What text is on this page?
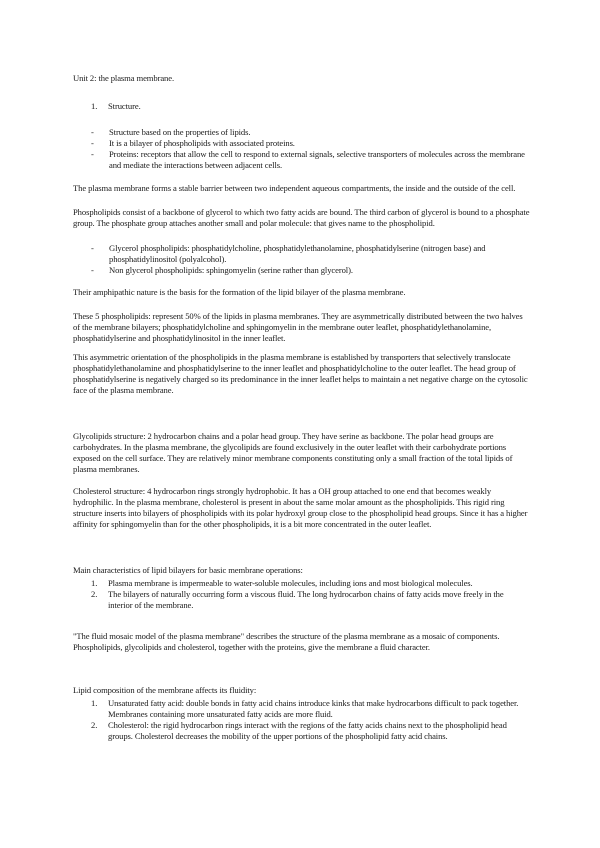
Unit 2: the plasma membrane.

1. Structure.
- Structure based on the properties of lipids.
- It is a bilayer of phospholipids with associated proteins.
- Proteins: receptors that allow the cell to respond to external signals, selective transporters of molecules across the membrane and mediate the interactions between adjacent cells.

The plasma membrane forms a stable barrier between two independent aqueous compartments, the inside and the outside of the cell.

Phospholipids consist of a backbone of glycerol to which two fatty acids are bound. The third carbon of glycerol is bound to a phosphate group. The phosphate group attaches another small and polar molecule: that gives name to the phospholipid.

- Glycerol phospholipids: phosphatidylcholine, phosphatidylethanolamine, phosphatidylserine (nitrogen base) and phosphatidylinositol (polyalcohol).
- Non glycerol phospholipids: sphingomyelin (serine rather than glycerol).

Their amphipathic nature is the basis for the formation of the lipid bilayer of the plasma membrane.

These 5 phospholipids: represent 50% of the lipids in plasma membranes. They are asymmetrically distributed between the two halves of the membrane bilayers; phosphatidylcholine and sphingomyelin in the membrane outer leaflet, phosphatidylethanolamine, phosphatidylserine and phosphatidylinositol in the inner leaflet.

This asymmetric orientation of the phospholipids in the plasma membrane is established by transporters that selectively translocate phosphatidylethanolamine and phosphatidylserine to the inner leaflet and phosphatidylcholine to the outer leaflet. The head group of phosphatidylserine is negatively charged so its predominance in the inner leaflet helps to maintain a net negative charge on the cytosolic face of the plasma membrane.

Glycolipids structure: 2 hydrocarbon chains and a polar head group. They have serine as backbone. The polar head groups are carbohydrates. In the plasma membrane, the glycolipids are found exclusively in the outer leaflet with their carbohydrate portions exposed on the cell surface. They are relatively minor membrane components constituting only a small fraction of the total lipids of plasma membranes.

Cholesterol structure: 4 hydrocarbon rings strongly hydrophobic. It has a OH group attached to one end that becomes weakly hydrophilic. In the plasma membrane, cholesterol is present in about the same molar amount as the phospholipids. This rigid ring structure inserts into bilayers of phospholipids with its polar hydroxyl group close to the phospholipid head groups. Since it has a higher affinity for sphingomyelin than for the other phospholipids, it is a bit more concentrated in the outer leaflet.

Main characteristics of lipid bilayers for basic membrane operations:

1. Plasma membrane is impermeable to water-soluble molecules, including ions and most biological molecules.
2. The bilayers of naturally occurring form a viscous fluid. The long hydrocarbon chains of fatty acids move freely in the interior of the membrane.

"The fluid mosaic model of the plasma membrane" describes the structure of the plasma membrane as a mosaic of components. Phospholipids, glycolipids and cholesterol, together with the proteins, give the membrane a fluid character.

Lipid composition of the membrane affects its fluidity:

1. Unsaturated fatty acid: double bonds in fatty acid chains introduce kinks that make hydrocarbons difficult to pack together. Membranes containing more unsaturated fatty acids are more fluid.
2. Cholesterol: the rigid hydrocarbon rings interact with the regions of the fatty acids chains next to the phospholipid head groups. Cholesterol decreases the mobility of the upper portions of the phospholipid fatty acid chains.
